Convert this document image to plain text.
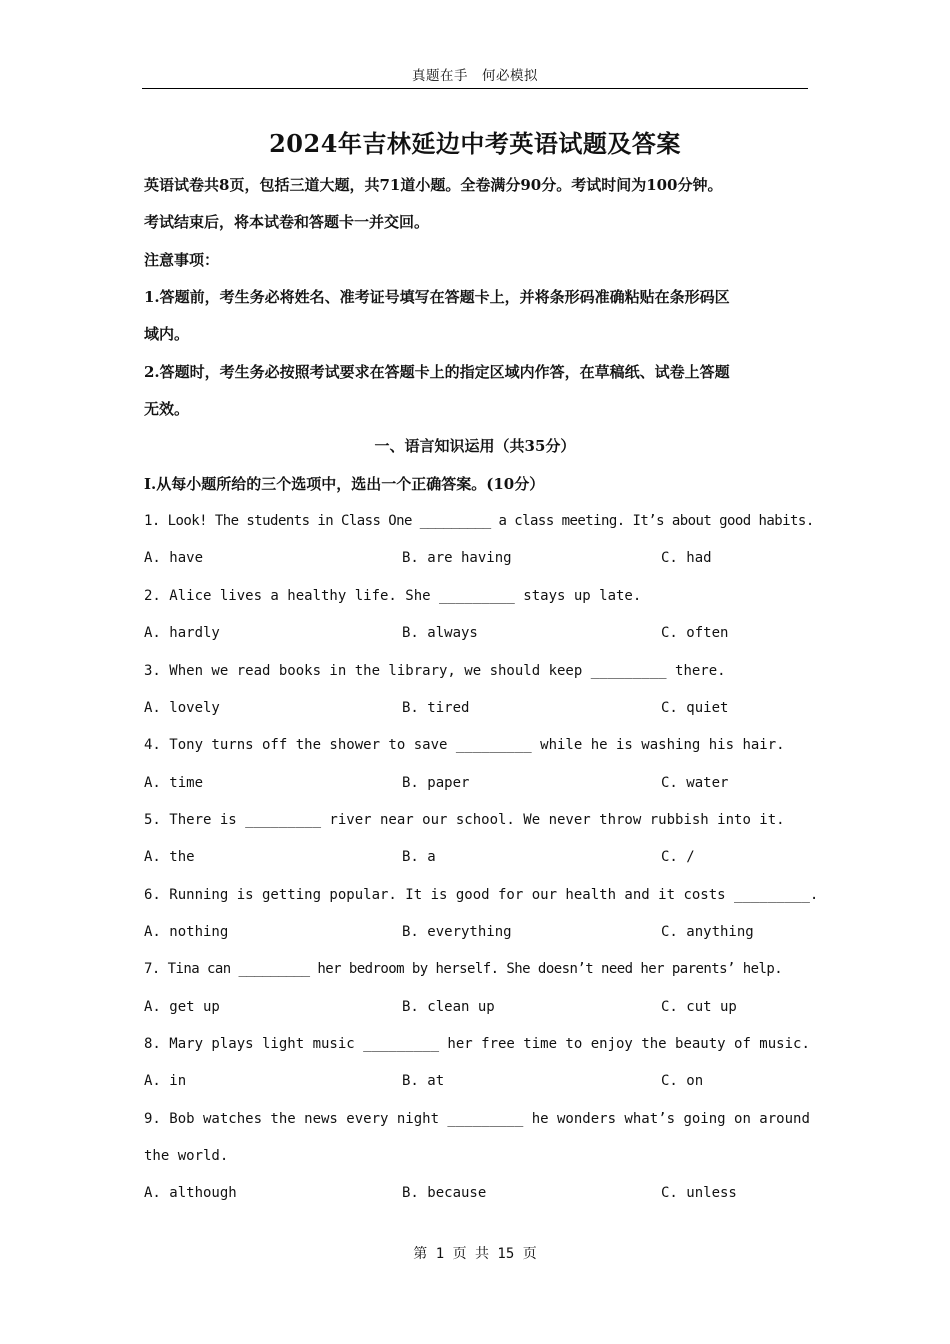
真题在手　何必模拟
2024年吉林延边中考英语试题及答案
英语试卷共8页，包括三道大题，共71道小题。全卷满分90分。考试时间为100分钟。
考试结束后，将本试卷和答题卡一并交回。
注意事项：
1.答题前，考生务必将姓名、准考证号填写在答题卡上，并将条形码准确粘贴在条形码区
域内。
2.答题时，考生务必按照考试要求在答题卡上的指定区域内作答，在草稿纸、试卷上答题
无效。
一、语言知识运用（共35分）
Ⅰ.从每小题所给的三个选项中，选出一个正确答案。(10分）
1. Look! The students in Class One _________ a class meeting. It’s about good habits.
A. have	B. are having	C. had
2. Alice lives a healthy life. She _________ stays up late.
A. hardly	B. always	C. often
3. When we read books in the library, we should keep _________ there.
A. lovely	B. tired	C. quiet
4. Tony turns off the shower to save _________ while he is washing his hair.
A. time	B. paper	C. water
5. There is _________ river near our school. We never throw rubbish into it.
A. the	B. a	C. /
6. Running is getting popular. It is good for our health and it costs _________.
A. nothing	B. everything	C. anything
7. Tina can _________ her bedroom by herself. She doesn’t need her parents’ help.
A. get up	B. clean up	C. cut up
8. Mary plays light music _________ her free time to enjoy the beauty of music.
A. in	B. at	C. on
9. Bob watches the news every night _________ he wonders what’s going on around
the world.
A. although	B. because	C. unless
第 1 页 共 15 页
